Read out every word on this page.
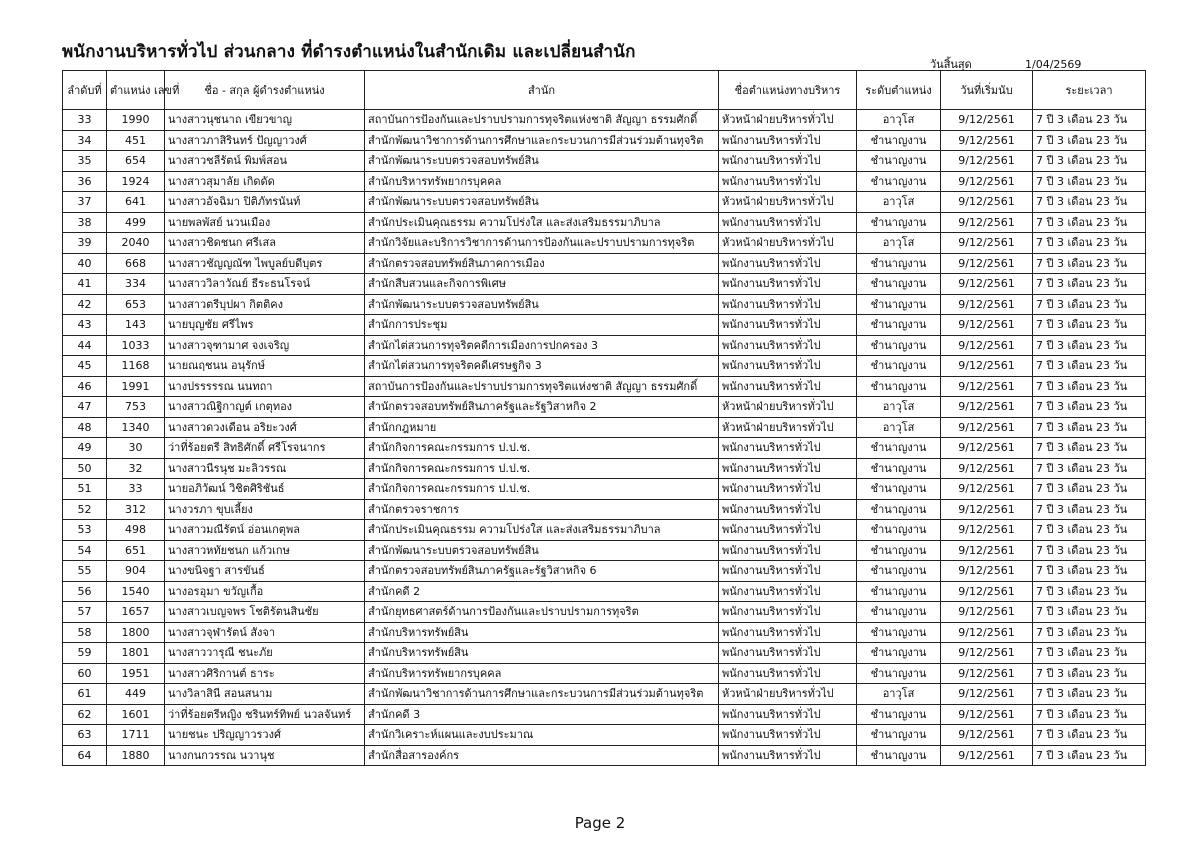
พนักงานบริหารทั่วไป ส่วนกลาง ที่ดำรงตำแหน่งในสำนักเดิม และเปลี่ยนสำนัก
วันสิ้นสุด	1/04/2569
ลำดับที่	ตำแหน่ง เลขที่	ชื่อ - สกุล ผู้ดำรงตำแหน่ง	สำนัก	ชื่อตำแหน่งทางบริหาร	ระดับตำแหน่ง	วันที่เริ่มนับ	ระยะเวลา
33	1990	นางสาวนุชนาถ เขียวขาญ	สถาบันการป้องกันและปราบปรามการทุจริตแห่งชาติ สัญญา ธรรมศักดิ์	หัวหน้าฝ่ายบริหารทั่วไป	อาวุโส	9/12/2561	7 ปี 3 เดือน 23 วัน
34	451	นางสาวภาสิรินทร์ ปัญญาวงศ์	สำนักพัฒนาวิชาการด้านการศึกษาและกระบวนการมีส่วนร่วมต้านทุจริต	พนักงานบริหารทั่วไป	ชำนาญงาน	9/12/2561	7 ปี 3 เดือน 23 วัน
35	654	นางสาวชลีรัตน์ พิมพ์สอน	สำนักพัฒนาระบบตรวจสอบทรัพย์สิน	พนักงานบริหารทั่วไป	ชำนาญงาน	9/12/2561	7 ปี 3 เดือน 23 วัน
36	1924	นางสาวสุมาลัย เกิดดัด	สำนักบริหารทรัพยากรบุคคล	พนักงานบริหารทั่วไป	ชำนาญงาน	9/12/2561	7 ปี 3 เดือน 23 วัน
37	641	นางสาวอัจฉิมา ปิติภัทรนันท์	สำนักพัฒนาระบบตรวจสอบทรัพย์สิน	หัวหน้าฝ่ายบริหารทั่วไป	อาวุโส	9/12/2561	7 ปี 3 เดือน 23 วัน
38	499	นายพลพัสย์ นวนเมือง	สำนักประเมินคุณธรรม ความโปร่งใส และส่งเสริมธรรมาภิบาล	พนักงานบริหารทั่วไป	ชำนาญงาน	9/12/2561	7 ปี 3 เดือน 23 วัน
39	2040	นางสาวชิดชนก ศรีเสล	สำนักวิจัยและบริการวิชาการด้านการป้องกันและปราบปรามการทุจริต	หัวหน้าฝ่ายบริหารทั่วไป	อาวุโส	9/12/2561	7 ปี 3 เดือน 23 วัน
40	668	นางสาวชัญญณัฑ ไพบูลย์บดีบุตร	สำนักตรวจสอบทรัพย์สินภาคการเมือง	พนักงานบริหารทั่วไป	ชำนาญงาน	9/12/2561	7 ปี 3 เดือน 23 วัน
41	334	นางสาววิลาวัณย์ ธีระธนโรจน์	สำนักสืบสวนและกิจการพิเศษ	พนักงานบริหารทั่วไป	ชำนาญงาน	9/12/2561	7 ปี 3 เดือน 23 วัน
42	653	นางสาวตรีบุปผา กิตติคง	สำนักพัฒนาระบบตรวจสอบทรัพย์สิน	พนักงานบริหารทั่วไป	ชำนาญงาน	9/12/2561	7 ปี 3 เดือน 23 วัน
43	143	นายบุญชัย ศรีไพร	สำนักการประชุม	พนักงานบริหารทั่วไป	ชำนาญงาน	9/12/2561	7 ปี 3 เดือน 23 วัน
44	1033	นางสาวจุฑามาศ จงเจริญ	สำนักไต่สวนการทุจริตคดีการเมืองการปกครอง 3	พนักงานบริหารทั่วไป	ชำนาญงาน	9/12/2561	7 ปี 3 เดือน 23 วัน
45	1168	นายณฤชนน อนุรักษ์	สำนักไต่สวนการทุจริตคดีเศรษฐกิจ 3	พนักงานบริหารทั่วไป	ชำนาญงาน	9/12/2561	7 ปี 3 เดือน 23 วัน
46	1991	นางปรรรรรณ นนทถา	สถาบันการป้องกันและปราบปรามการทุจริตแห่งชาติ สัญญา ธรรมศักดิ์	พนักงานบริหารทั่วไป	ชำนาญงาน	9/12/2561	7 ปี 3 เดือน 23 วัน
47	753	นางสาวณิฐิกาญต์ เกตุทอง	สำนักตรวจสอบทรัพย์สินภาครัฐและรัฐวิสาหกิจ 2	หัวหน้าฝ่ายบริหารทั่วไป	อาวุโส	9/12/2561	7 ปี 3 เดือน 23 วัน
48	1340	นางสาวดวงเดือน อริยะวงศ์	สำนักกฎหมาย	หัวหน้าฝ่ายบริหารทั่วไป	อาวุโส	9/12/2561	7 ปี 3 เดือน 23 วัน
49	30	ว่าที่ร้อยตรี สิทธิศักดิ์ ศรีโรจนากร	สำนักกิจการคณะกรรมการ ป.ป.ช.	พนักงานบริหารทั่วไป	ชำนาญงาน	9/12/2561	7 ปี 3 เดือน 23 วัน
50	32	นางสาวนีรนุช มะลิวรรณ	สำนักกิจการคณะกรรมการ ป.ป.ช.	พนักงานบริหารทั่วไป	ชำนาญงาน	9/12/2561	7 ปี 3 เดือน 23 วัน
51	33	นายอภิวัฒน์ วิชิตศิริชันธ์	สำนักกิจการคณะกรรมการ ป.ป.ช.	พนักงานบริหารทั่วไป	ชำนาญงาน	9/12/2561	7 ปี 3 เดือน 23 วัน
52	312	นางวรภา ขุบเลี้ยง	สำนักตรวจราชการ	พนักงานบริหารทั่วไป	ชำนาญงาน	9/12/2561	7 ปี 3 เดือน 23 วัน
53	498	นางสาวมณีรัตน์ อ่อนเกตุพล	สำนักประเมินคุณธรรม ความโปร่งใส และส่งเสริมธรรมาภิบาล	พนักงานบริหารทั่วไป	ชำนาญงาน	9/12/2561	7 ปี 3 เดือน 23 วัน
54	651	นางสาวหทัยชนก แก้วเกษ	สำนักพัฒนาระบบตรวจสอบทรัพย์สิน	พนักงานบริหารทั่วไป	ชำนาญงาน	9/12/2561	7 ปี 3 เดือน 23 วัน
55	904	นางขนิจฐา สารขันธ์	สำนักตรวจสอบทรัพย์สินภาครัฐและรัฐวิสาหกิจ 6	พนักงานบริหารทั่วไป	ชำนาญงาน	9/12/2561	7 ปี 3 เดือน 23 วัน
56	1540	นางอรอุมา ขวัญเกื้อ	สำนักคดี 2	พนักงานบริหารทั่วไป	ชำนาญงาน	9/12/2561	7 ปี 3 เดือน 23 วัน
57	1657	นางสาวเบญจพร โชติรัตนสินชัย	สำนักยุทธศาสตร์ด้านการป้องกันและปราบปรามการทุจริต	พนักงานบริหารทั่วไป	ชำนาญงาน	9/12/2561	7 ปี 3 เดือน 23 วัน
58	1800	นางสาวจุฬารัตน์ สังจา	สำนักบริหารทรัพย์สิน	พนักงานบริหารทั่วไป	ชำนาญงาน	9/12/2561	7 ปี 3 เดือน 23 วัน
59	1801	นางสาววารุณี ชนะภัย	สำนักบริหารทรัพย์สิน	พนักงานบริหารทั่วไป	ชำนาญงาน	9/12/2561	7 ปี 3 เดือน 23 วัน
60	1951	นางสาวศิริกานต์ ธาระ	สำนักบริหารทรัพยากรบุคคล	พนักงานบริหารทั่วไป	ชำนาญงาน	9/12/2561	7 ปี 3 เดือน 23 วัน
61	449	นางวิลาสินี สอนสนาม	สำนักพัฒนาวิชาการด้านการศึกษาและกระบวนการมีส่วนร่วมต้านทุจริต	หัวหน้าฝ่ายบริหารทั่วไป	อาวุโส	9/12/2561	7 ปี 3 เดือน 23 วัน
62	1601	ว่าที่ร้อยตรีหญิง ชรินทร์ทิพย์ นวลจันทร์	สำนักคดี 3	พนักงานบริหารทั่วไป	ชำนาญงาน	9/12/2561	7 ปี 3 เดือน 23 วัน
63	1711	นายชนะ ปริญญาวรวงศ์	สำนักวิเคราะห์แผนและงบประมาณ	พนักงานบริหารทั่วไป	ชำนาญงาน	9/12/2561	7 ปี 3 เดือน 23 วัน
64	1880	นางกนกวรรณ นวานุช	สำนักสื่อสารองค์กร	พนักงานบริหารทั่วไป	ชำนาญงาน	9/12/2561	7 ปี 3 เดือน 23 วัน
Page 2
